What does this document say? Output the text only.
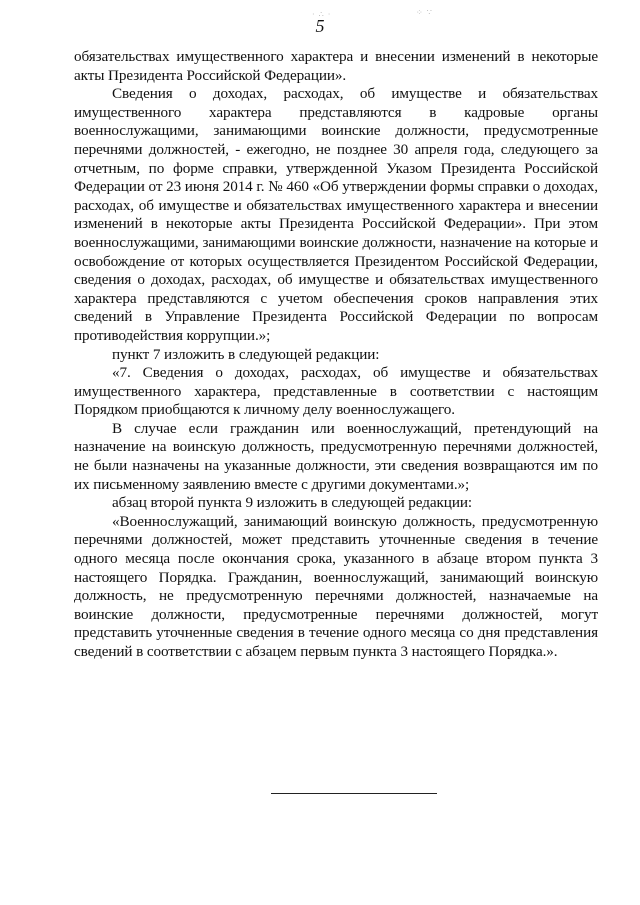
· ∴ ·	⁘ ∵
5

обязательствах имущественного характера и внесении изменений в некоторые акты Президента Российской Федерации».

Сведения о доходах, расходах, об имуществе и обязательствах имущественного характера представляются в кадровые органы военнослужащими, занимающими воинские должности, предусмотренные перечнями должностей, - ежегодно, не позднее 30 апреля года, следующего за отчетным, по форме справки, утвержденной Указом Президента Российской Федерации от 23 июня 2014 г. № 460 «Об утверждении формы справки о доходах, расходах, об имуществе и обязательствах имущественного характера и внесении изменений в некоторые акты Президента Российской Федерации». При этом военнослужащими, занимающими воинские должности, назначение на которые и освобождение от которых осуществляется Президентом Российской Федерации, сведения о доходах, расходах, об имуществе и обязательствах имущественного характера представляются с учетом обеспечения сроков направления этих сведений в Управление Президента Российской Федерации по вопросам противодействия коррупции.»;

пункт 7 изложить в следующей редакции:

«7. Сведения о доходах, расходах, об имуществе и обязательствах имущественного характера, представленные в соответствии с настоящим Порядком приобщаются к личному делу военнослужащего.

В случае если гражданин или военнослужащий, претендующий на назначение на воинскую должность, предусмотренную перечнями должностей, не были назначены на указанные должности, эти сведения возвращаются им по их письменному заявлению вместе с другими документами.»;

абзац второй пункта 9 изложить в следующей редакции:

«Военнослужащий, занимающий воинскую должность, предусмотренную перечнями должностей, может представить уточненные сведения в течение одного месяца после окончания срока, указанного в абзаце втором пункта 3 настоящего Порядка. Гражданин, военнослужащий, занимающий воинскую должность, не предусмотренную перечнями должностей, назначаемые на воинские должности, предусмотренные перечнями должностей, могут представить уточненные сведения в течение одного месяца со дня представления сведений в соответствии с абзацем первым пункта 3 настоящего Порядка.».
